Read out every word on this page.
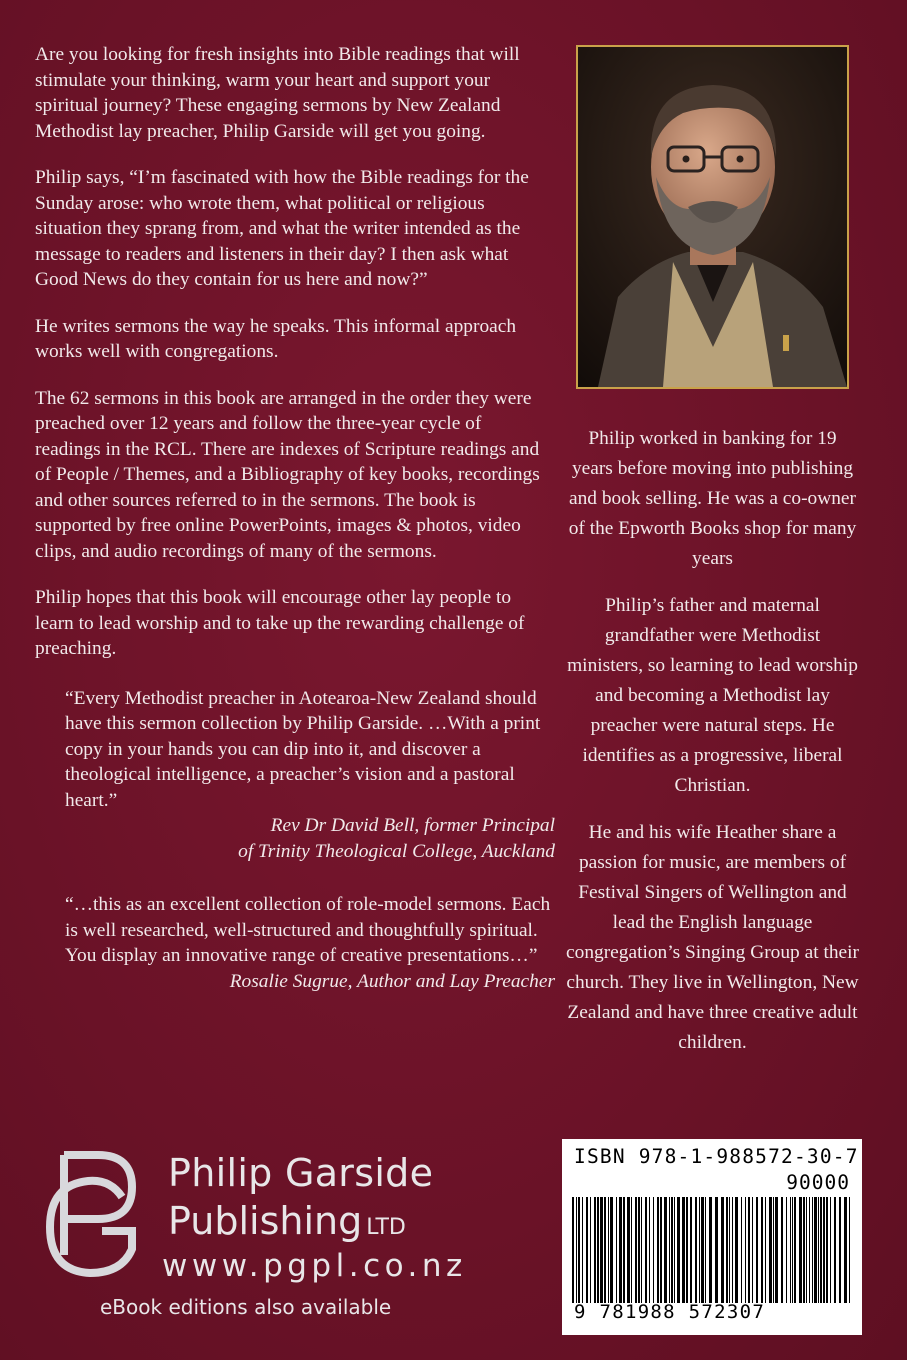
Are you looking for fresh insights into Bible readings that will stimulate your thinking, warm your heart and support your spiritual journey? These engaging sermons by New Zealand Methodist lay preacher, Philip Garside will get you going.

Philip says, “I’m fascinated with how the Bible readings for the Sunday arose: who wrote them, what political or religious situation they sprang from, and what the writer intended as the message to readers and listeners in their day? I then ask what Good News do they contain for us here and now?”

He writes sermons the way he speaks. This informal approach works well with congregations.

The 62 sermons in this book are arranged in the order they were preached over 12 years and follow the three-year cycle of readings in the RCL. There are indexes of Scripture readings and of People / Themes, and a Bibliography of key books, recordings and other sources referred to in the sermons. The book is supported by free online PowerPoints, images & photos, video clips, and audio recordings of many of the sermons.

Philip hopes that this book will encourage other lay people to learn to lead worship and to take up the rewarding challenge of preaching.

“Every Methodist preacher in Aotearoa-New Zealand should have this sermon collection by Philip Garside. …With a print copy in your hands you can dip into it, and discover a theological intelligence, a preacher’s vision and a pastoral heart.”

Rev Dr David Bell, former Principal

of Trinity Theological College, Auckland

“…this as an excellent collection of role-model sermons. Each is well researched, well-structured and thoughtfully spiritual. You display an innovative range of creative presentations…”

Rosalie Sugrue, Author and Lay Preacher

Philip worked in banking for 19 years before moving into publishing and book selling. He was a co-owner of the Epworth Books shop for many years

Philip’s father and maternal grandfather were Methodist ministers, so learning to lead worship and becoming a Methodist lay preacher were natural steps. He identifies as a progressive, liberal Christian.

He and his wife Heather share a passion for music, are members of Festival Singers of Wellington and lead the English language congregation’s Singing Group at their church. They live in Wellington, New Zealand and have three creative adult children.

Philip Garside
Publishing LTD
www.pgpl.co.nz
eBook editions also available
ISBN 978-1-988572-30-7
90000
9 781988 572307
